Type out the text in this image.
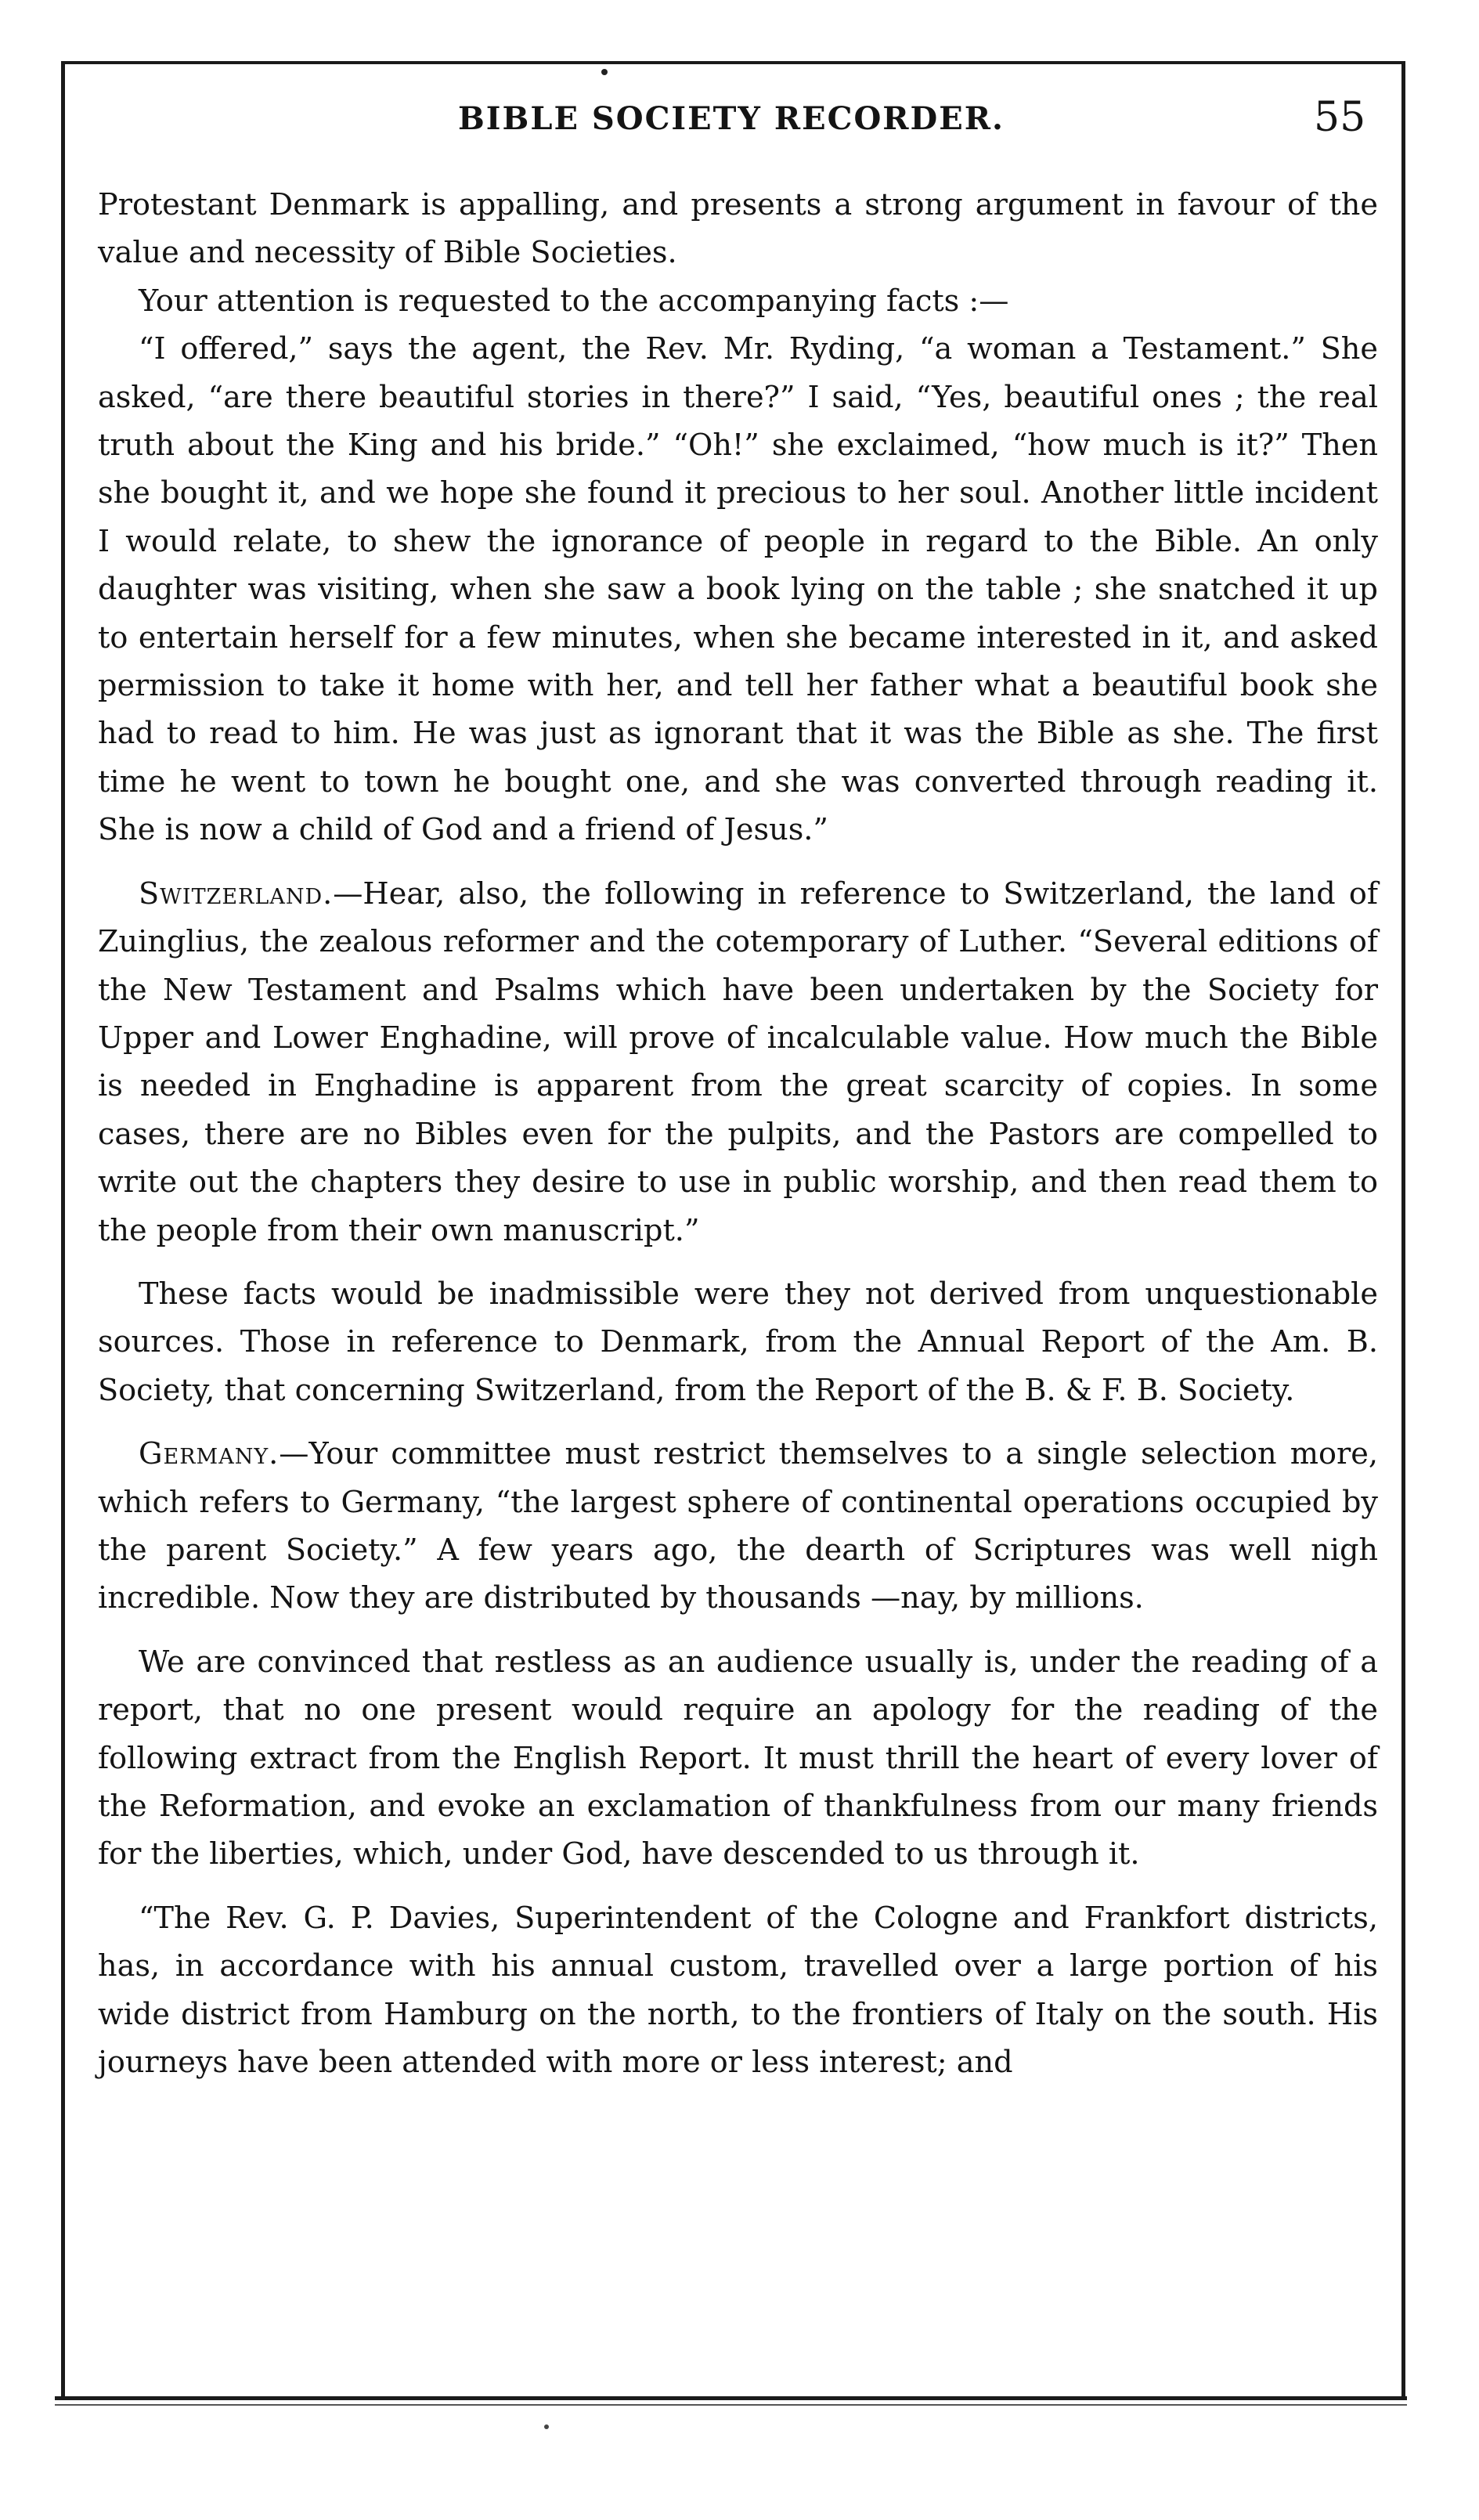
BIBLE SOCIETY RECORDER.	55

Protestant Denmark is appalling, and presents a strong argument in favour of the value and necessity of Bible Societies.

Your attention is requested to the accompanying facts :—

“I offered,” says the agent, the Rev. Mr. Ryding, “a woman a Testament.” She asked, “are there beautiful stories in there?” I said, “Yes, beautiful ones ; the real truth about the King and his bride.” “Oh!” she exclaimed, “how much is it?” Then she bought it, and we hope she found it precious to her soul. Another little incident I would relate, to shew the ignorance of people in regard to the Bible. An only daughter was visiting, when she saw a book lying on the table ; she snatched it up to entertain herself for a few minutes, when she became interested in it, and asked permission to take it home with her, and tell her father what a beautiful book she had to read to him. He was just as ignorant that it was the Bible as she. The first time he went to town he bought one, and she was converted through reading it. She is now a child of God and a friend of Jesus.”

Switzerland.—Hear, also, the following in reference to Switzerland, the land of Zuinglius, the zealous reformer and the cotemporary of Luther. “Several editions of the New Testament and Psalms which have been undertaken by the Society for Upper and Lower Enghadine, will prove of incalculable value. How much the Bible is needed in Enghadine is apparent from the great scarcity of copies. In some cases, there are no Bibles even for the pulpits, and the Pastors are compelled to write out the chapters they desire to use in public worship, and then read them to the people from their own manuscript.”

These facts would be inadmissible were they not derived from unquestionable sources. Those in reference to Denmark, from the Annual Report of the Am. B. Society, that concerning Switzerland, from the Report of the B. & F. B. Society.

Germany.—Your committee must restrict themselves to a single selection more, which refers to Germany, “the largest sphere of continental operations occupied by the parent Society.” A few years ago, the dearth of Scriptures was well nigh incredible. Now they are distributed by thousands —nay, by millions.

We are convinced that restless as an audience usually is, under the reading of a report, that no one present would require an apology for the reading of the following extract from the English Report. It must thrill the heart of every lover of the Reformation, and evoke an exclamation of thankfulness from our many friends for the liberties, which, under God, have descended to us through it.

“The Rev. G. P. Davies, Superintendent of the Cologne and Frankfort districts, has, in accordance with his annual custom, travelled over a large portion of his wide district from Hamburg on the north, to the frontiers of Italy on the south. His journeys have been attended with more or less interest; and
